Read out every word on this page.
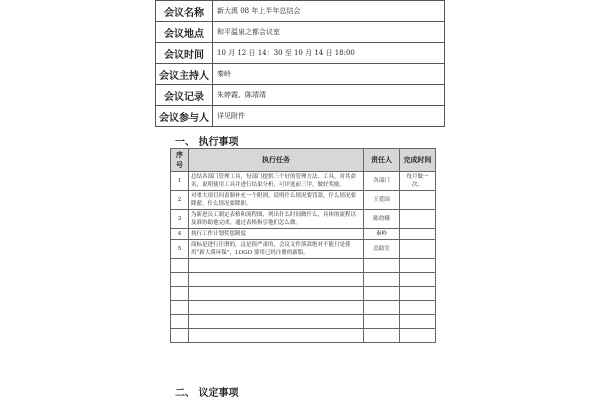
会议名称	新大禹 08 年上半年总结会
会议地点	和平温泉之都会议室
会议时间	10 月 12 日 14：30 至 10 月 14 日 18:00
会议主持人	秦岭
会议记录	朱婷霞、陈靖靖
会议参与人	详见附件
一、 执行事项
序号	执行任务	责任人	完成时间
1	总结各部门管理工具，每部门提供三个好的管理方法、工具，对其命名，说明使用工具并进行结果分析，可评选前三甲，做好奖励。	各部门	每月做一次。
2	对重大项目问责制补充一个附则，说明什么情况要罚款，什么情况要降薪，什么情况要降职。	王爱国	
3	为新进员工制定表格和流程图，列出什么时间做什么，具体的流程以及谁协助他完成，通过表格指引他们怎么做。	陈幼娥	
4	执行工作计划奖惩制度	秦岭	
5	商标是进行注册的，这是很严肃的，会议文件落款绝对不能只是使用“新大禹环保”，LOGO 要用已经注册的新版。	总助室	

二、 议定事项
